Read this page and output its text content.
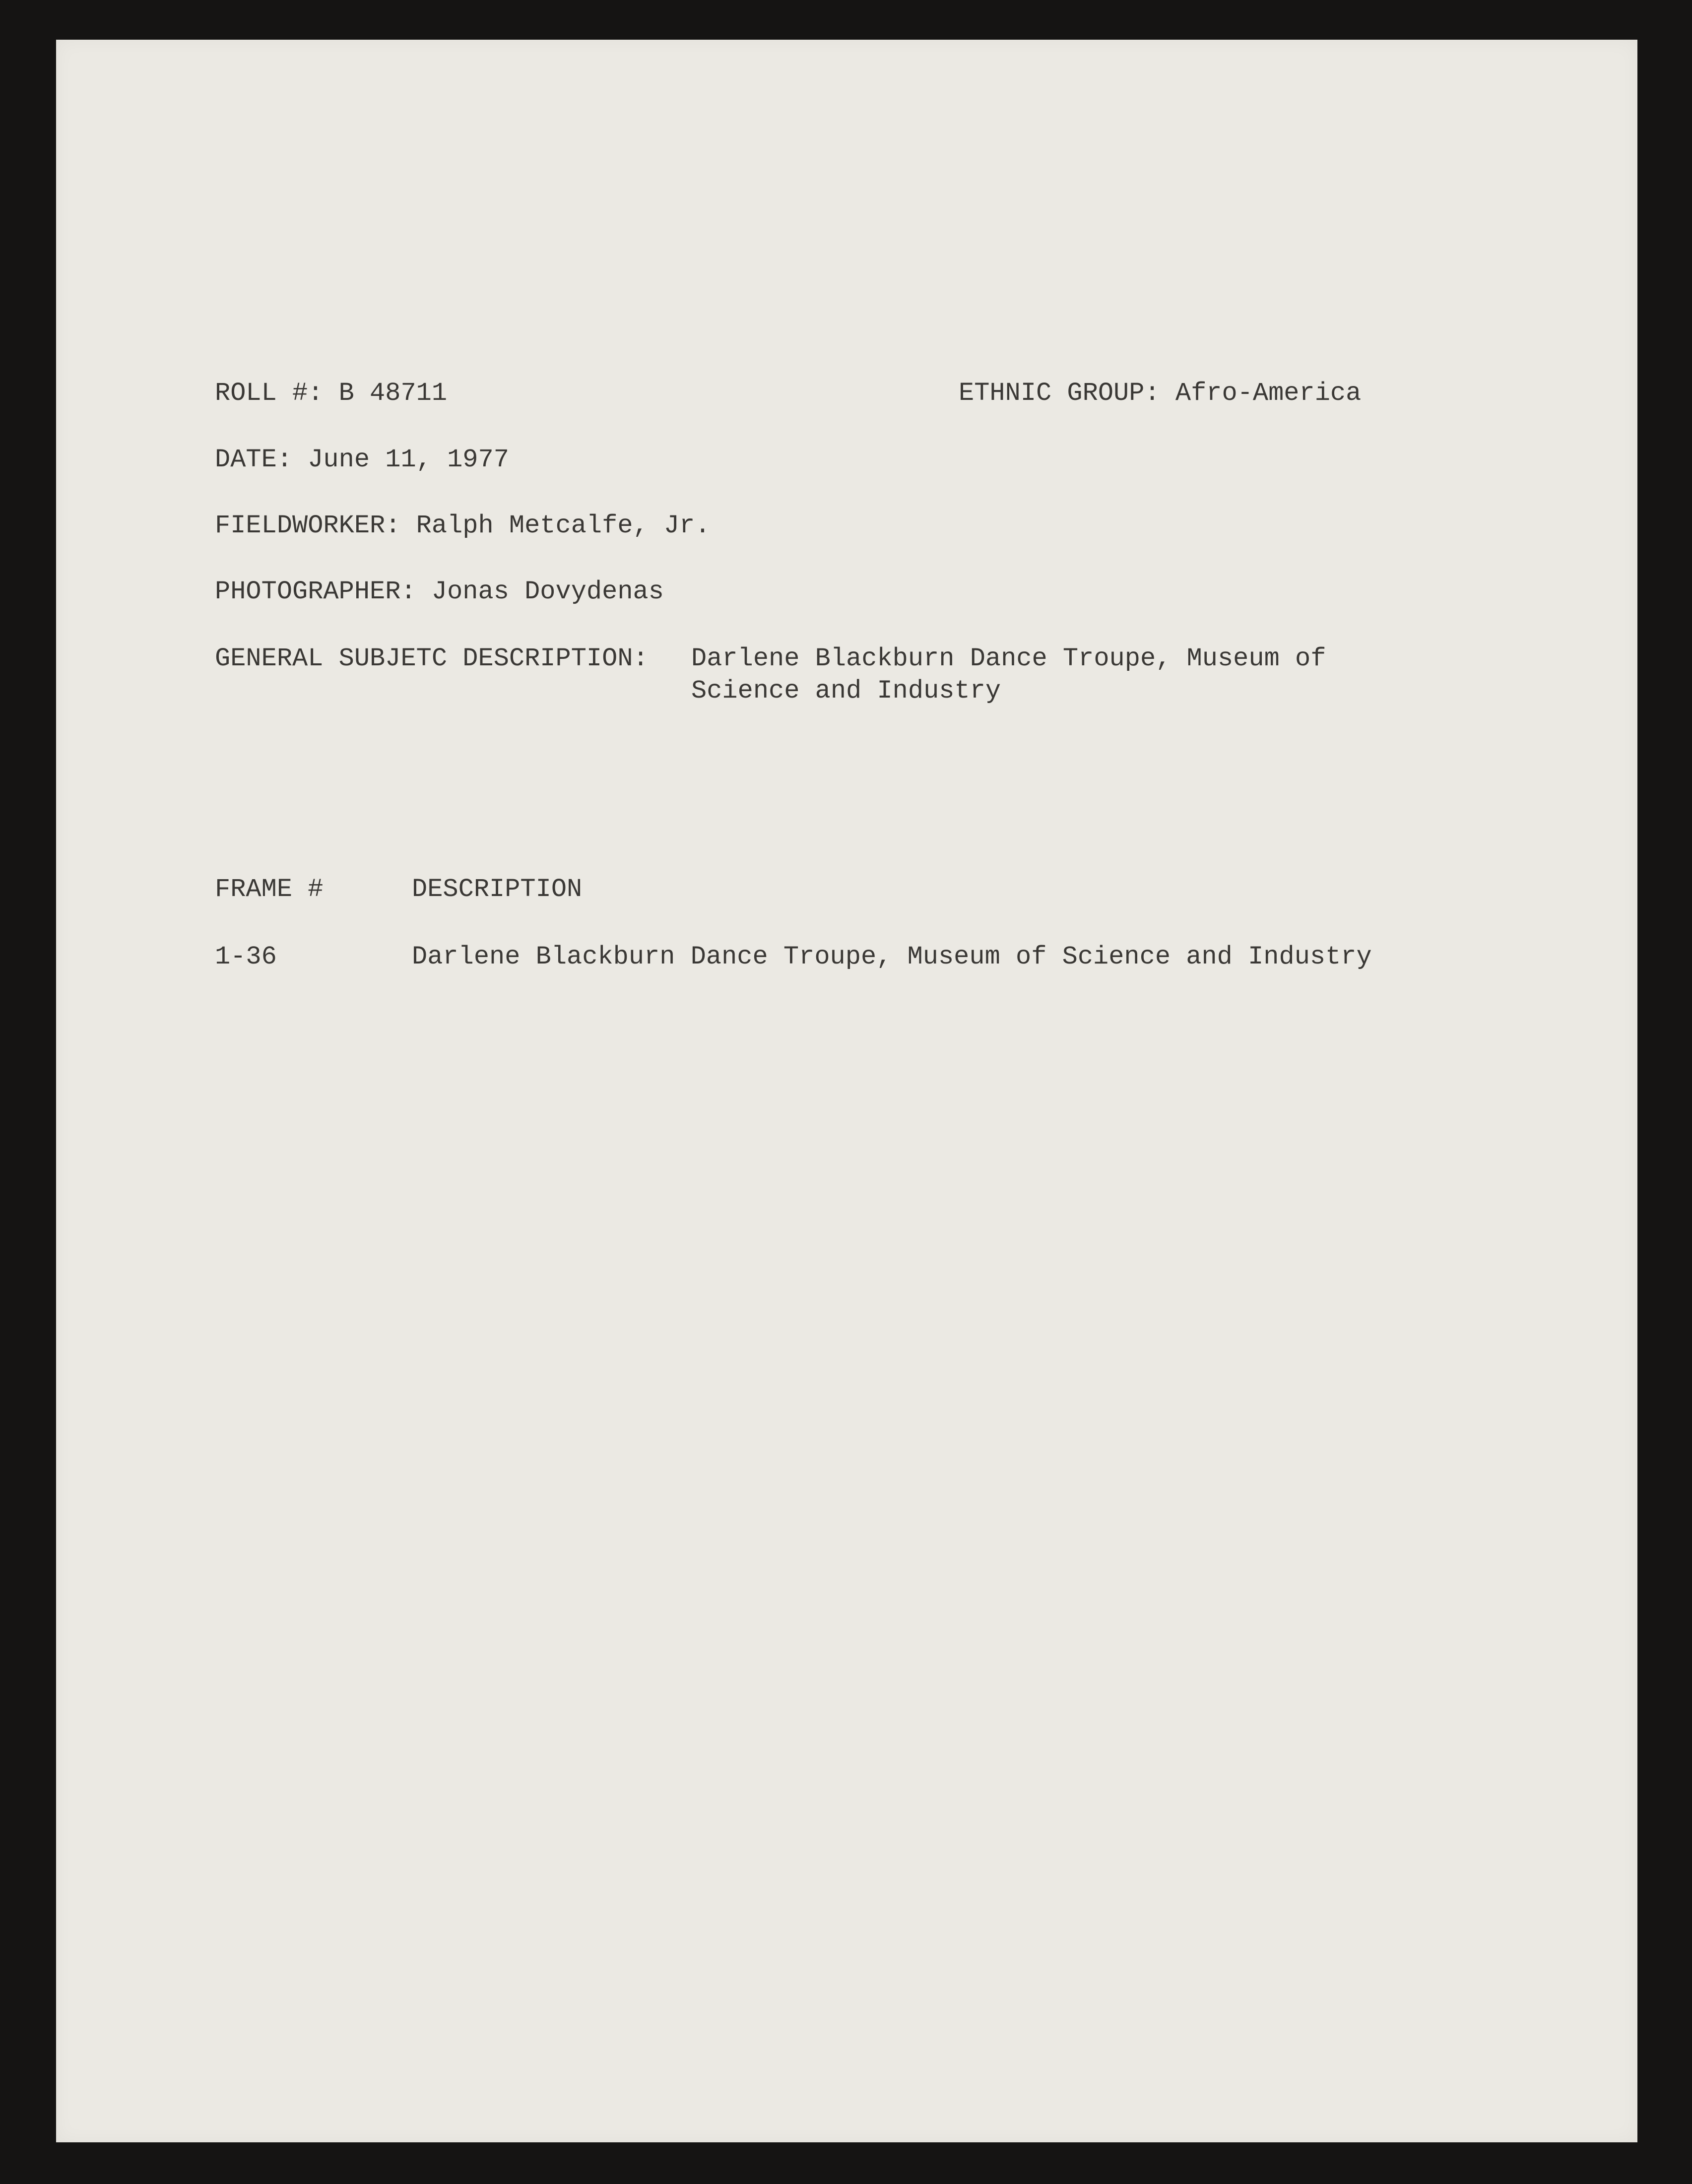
ROLL #: B 48711	ETHNIC GROUP: Afro-America
DATE: June 11, 1977
FIELDWORKER: Ralph Metcalfe, Jr.
PHOTOGRAPHER: Jonas Dovydenas
GENERAL SUBJETC DESCRIPTION: Darlene Blackburn Dance Troupe, Museum of
Science and Industry
FRAME #	DESCRIPTION
1-36	Darlene Blackburn Dance Troupe, Museum of Science and Industry
